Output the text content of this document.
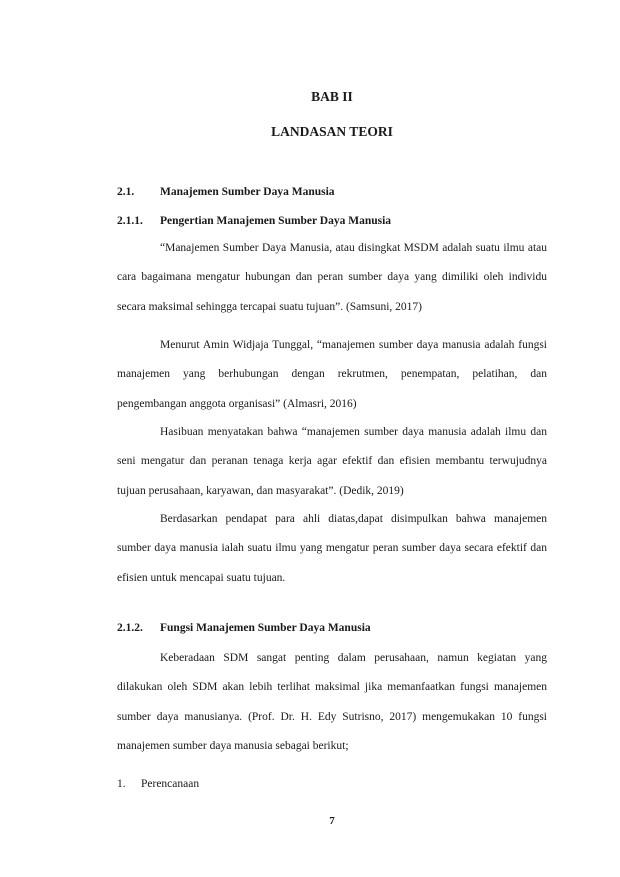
BAB II

LANDASAN TEORI

2.1. Manajemen Sumber Daya Manusia

2.1.1. Pengertian Manajemen Sumber Daya Manusia

“Manajemen Sumber Daya Manusia, atau disingkat MSDM adalah suatu ilmu atau cara bagaimana mengatur hubungan dan peran sumber daya yang dimiliki oleh individu secara maksimal sehingga tercapai suatu tujuan”. (Samsuni, 2017)

Menurut Amin Widjaja Tunggal, “manajemen sumber daya manusia adalah fungsi manajemen yang berhubungan dengan rekrutmen, penempatan, pelatihan, dan pengembangan anggota organisasi” (Almasri, 2016)

Hasibuan menyatakan bahwa “manajemen sumber daya manusia adalah ilmu dan seni mengatur dan peranan tenaga kerja agar efektif dan efisien membantu terwujudnya tujuan perusahaan, karyawan, dan masyarakat”. (Dedik, 2019)

Berdasarkan pendapat para ahli diatas,dapat disimpulkan bahwa manajemen sumber daya manusia ialah suatu ilmu yang mengatur peran sumber daya secara efektif dan efisien untuk mencapai suatu tujuan.

2.1.2. Fungsi Manajemen Sumber Daya Manusia

Keberadaan SDM sangat penting dalam perusahaan, namun kegiatan yang dilakukan oleh SDM akan lebih terlihat maksimal jika memanfaatkan fungsi manajemen sumber daya manusianya. (Prof. Dr. H. Edy Sutrisno, 2017) mengemukakan 10 fungsi manajemen sumber daya manusia sebagai berikut;

1. Perencanaan

7
